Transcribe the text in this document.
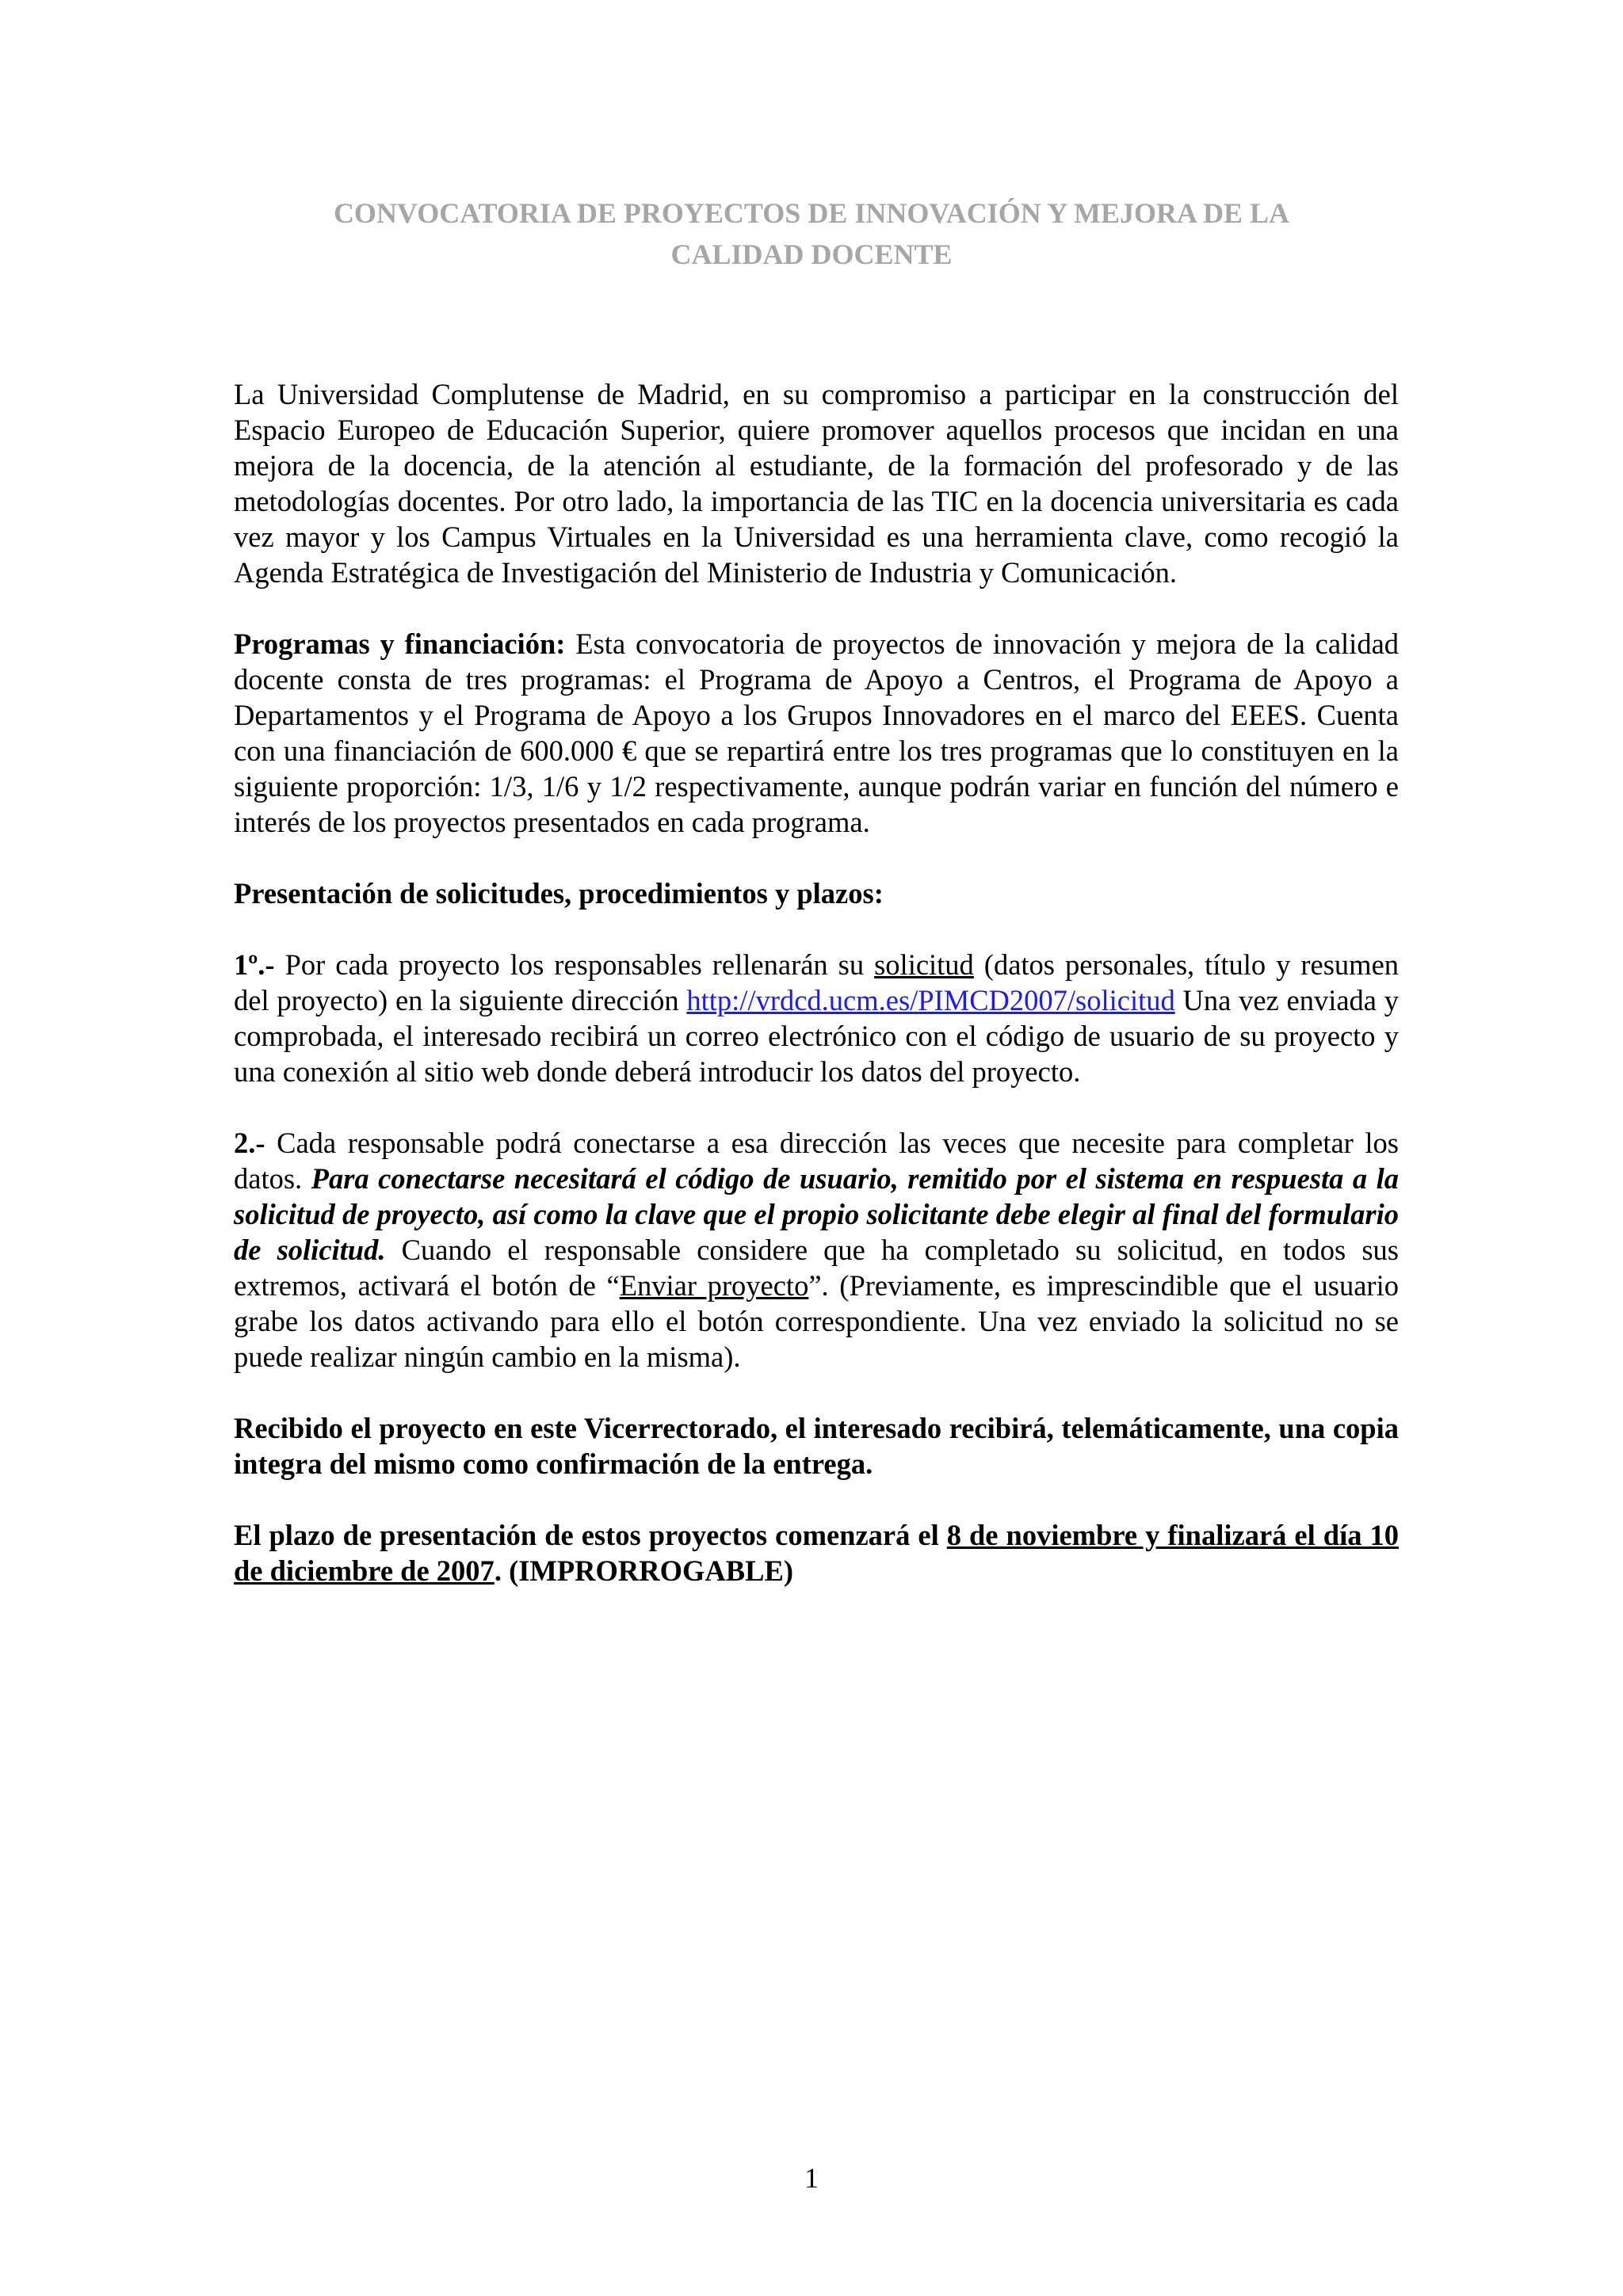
CONVOCATORIA DE PROYECTOS DE INNOVACIÓN Y MEJORA DE LA
CALIDAD DOCENTE

La Universidad Complutense de Madrid, en su compromiso a participar en la construcción del Espacio Europeo de Educación Superior, quiere promover aquellos procesos que incidan en una mejora de la docencia, de la atención al estudiante, de la formación del profesorado y de las metodologías docentes. Por otro lado, la importancia de las TIC en la docencia universitaria es cada vez mayor y los Campus Virtuales en la Universidad es una herramienta clave, como recogió la Agenda Estratégica de Investigación del Ministerio de Industria y Comunicación.

Programas y financiación: Esta convocatoria de proyectos de innovación y mejora de la calidad docente consta de tres programas: el Programa de Apoyo a Centros, el Programa de Apoyo a Departamentos y el Programa de Apoyo a los Grupos Innovadores en el marco del EEES. Cuenta con una financiación de 600.000 € que se repartirá entre los tres programas que lo constituyen en la siguiente proporción: 1/3, 1/6 y 1/2 respectivamente, aunque podrán variar en función del número e interés de los proyectos presentados en cada programa.

Presentación de solicitudes, procedimientos y plazos:

1º.- Por cada proyecto los responsables rellenarán su solicitud (datos personales, título y resumen del proyecto) en la siguiente dirección http://vrdcd.ucm.es/PIMCD2007/solicitud Una vez enviada y comprobada, el interesado recibirá un correo electrónico con el código de usuario de su proyecto y una conexión al sitio web donde deberá introducir los datos del proyecto.

2.- Cada responsable podrá conectarse a esa dirección las veces que necesite para completar los datos. Para conectarse necesitará el código de usuario, remitido por el sistema en respuesta a la solicitud de proyecto, así como la clave que el propio solicitante debe elegir al final del formulario de solicitud. Cuando el responsable considere que ha completado su solicitud, en todos sus extremos, activará el botón de “Enviar proyecto”. (Previamente, es imprescindible que el usuario grabe los datos activando para ello el botón correspondiente. Una vez enviado la solicitud no se puede realizar ningún cambio en la misma).

Recibido el proyecto en este Vicerrectorado, el interesado recibirá, telemáticamente, una copia integra del mismo como confirmación de la entrega.

El plazo de presentación de estos proyectos comenzará el 8 de noviembre y finalizará el día 10 de diciembre de 2007. (IMPRORROGABLE)

1
